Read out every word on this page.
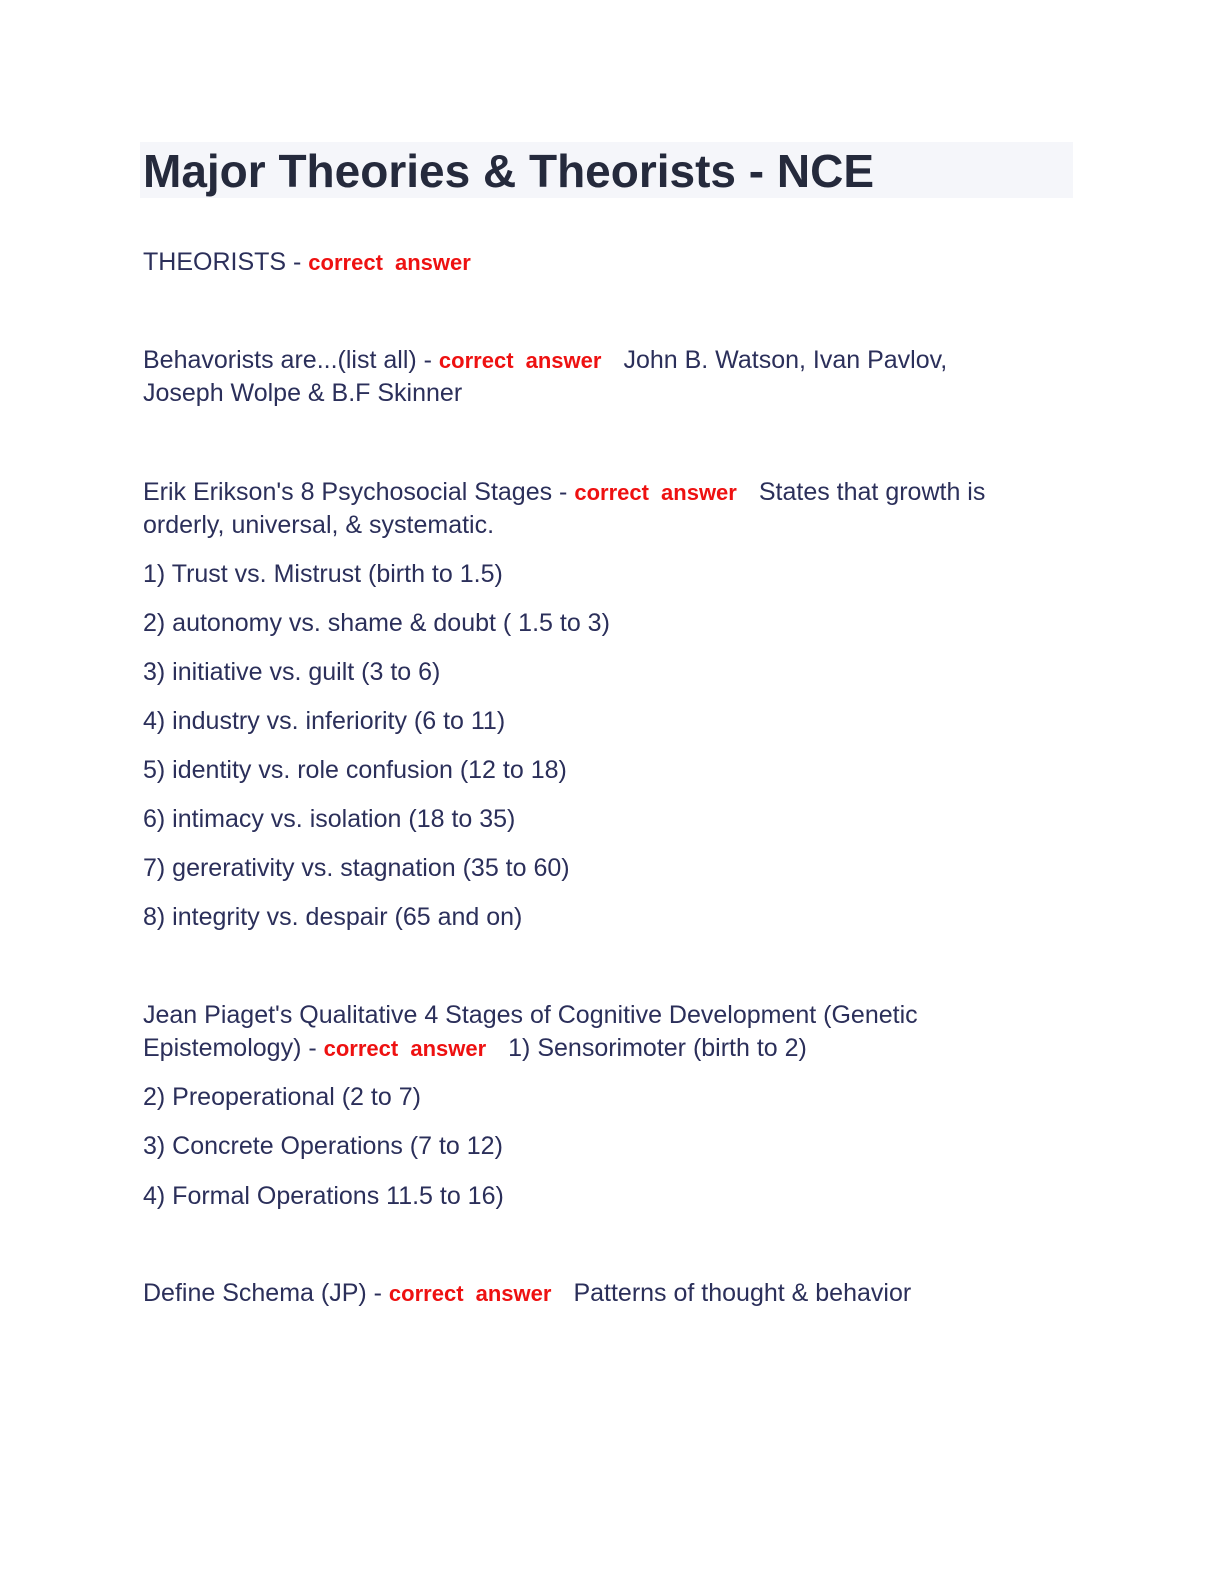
Major Theories & Theorists - NCE
THEORISTS - correct answer
Behavorists are...(list all) - correct answer John B. Watson, Ivan Pavlov,
Joseph Wolpe & B.F Skinner
Erik Erikson's 8 Psychosocial Stages - correct answer States that growth is
orderly, universal, & systematic.
1) Trust vs. Mistrust (birth to 1.5)
2) autonomy vs. shame & doubt ( 1.5 to 3)
3) initiative vs. guilt (3 to 6)
4) industry vs. inferiority (6 to 11)
5) identity vs. role confusion (12 to 18)
6) intimacy vs. isolation (18 to 35)
7) gererativity vs. stagnation (35 to 60)
8) integrity vs. despair (65 and on)
Jean Piaget's Qualitative 4 Stages of Cognitive Development (Genetic
Epistemology) - correct answer 1) Sensorimoter (birth to 2)
2) Preoperational (2 to 7)
3) Concrete Operations (7 to 12)
4) Formal Operations 11.5 to 16)
Define Schema (JP) - correct answer Patterns of thought & behavior
